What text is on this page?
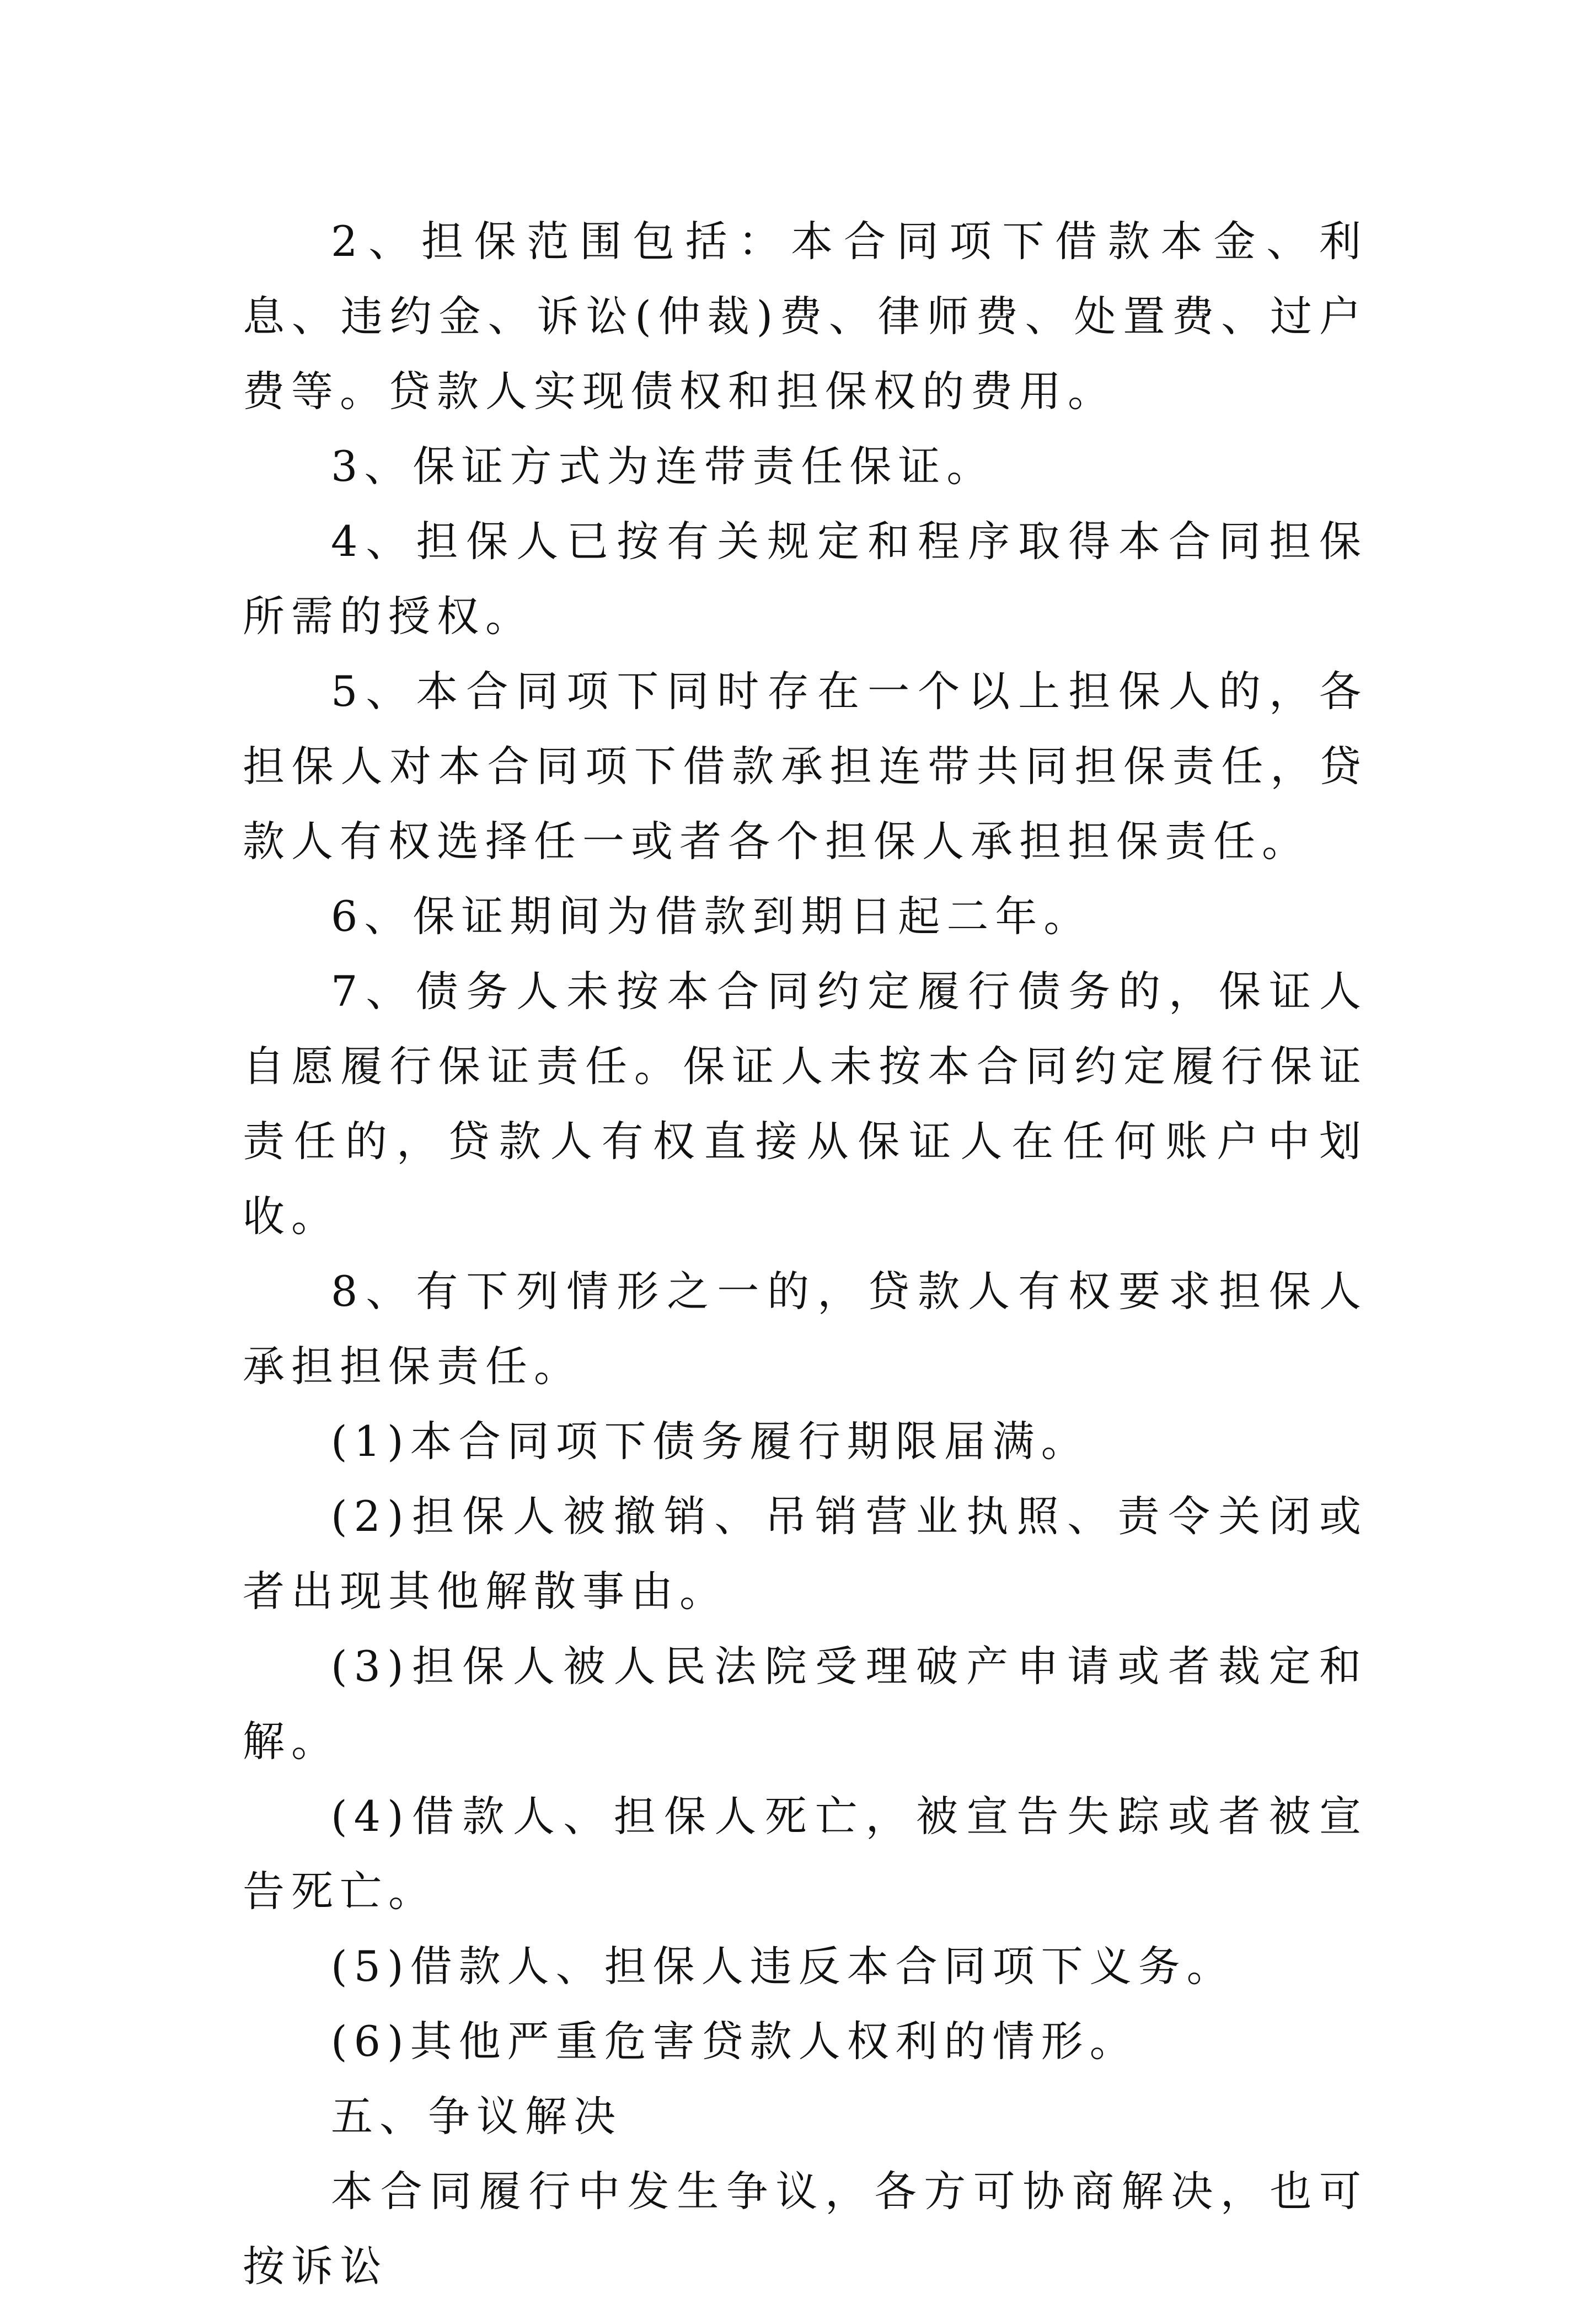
2、担保范围包括：本合同项下借款本金、利息、违约金、诉讼(仲裁)费、律师费、处置费、过户费等。贷款人实现债权和担保权的费用。

3、保证方式为连带责任保证。

4、担保人已按有关规定和程序取得本合同担保所需的授权。

5、本合同项下同时存在一个以上担保人的，各担保人对本合同项下借款承担连带共同担保责任，贷款人有权选择任一或者各个担保人承担担保责任。

6、保证期间为借款到期日起二年。

7、债务人未按本合同约定履行债务的，保证人自愿履行保证责任。保证人未按本合同约定履行保证责任的，贷款人有权直接从保证人在任何账户中划收。

8、有下列情形之一的，贷款人有权要求担保人承担担保责任。

(1)本合同项下债务履行期限届满。

(2)担保人被撤销、吊销营业执照、责令关闭或者出现其他解散事由。

(3)担保人被人民法院受理破产申请或者裁定和解。

(4)借款人、担保人死亡，被宣告失踪或者被宣告死亡。

(5)借款人、担保人违反本合同项下义务。

(6)其他严重危害贷款人权利的情形。

五、争议解决

本合同履行中发生争议，各方可协商解决，也可按诉讼
